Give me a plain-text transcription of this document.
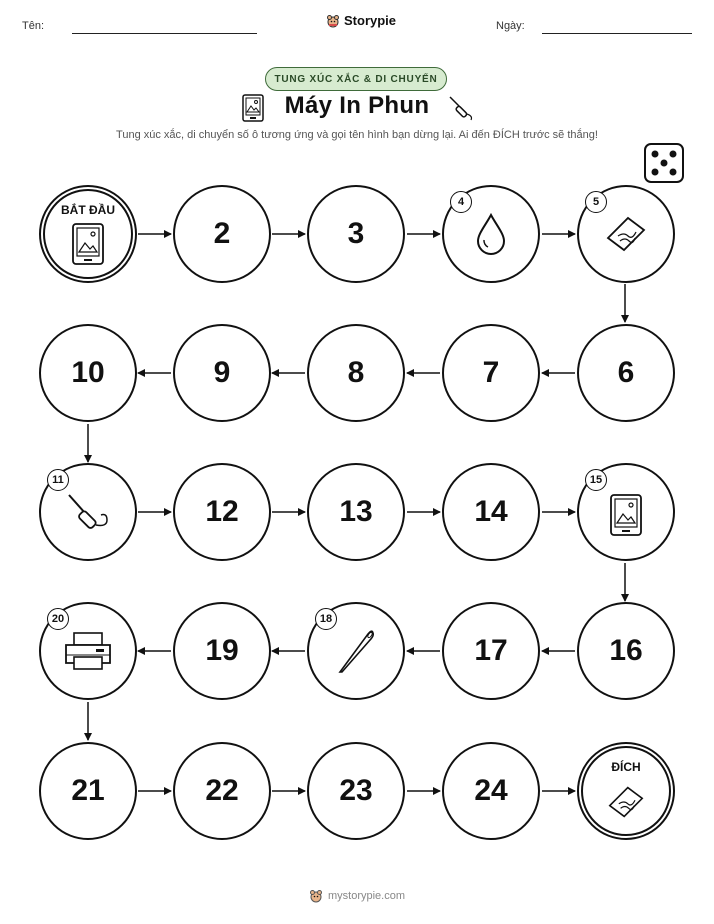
Tên:	Storypie	Ngày:
TUNG XÚC XẮC & DI CHUYỂN
Máy In Phun
Tung xúc xắc, di chuyển số ô tương ứng và gọi tên hình bạn dừng lại. Ai đến ĐÍCH trước sẽ thắng!
BẮT ĐẦU
2	3
4	5
6
7
8
9
10
11
12	13	14
15
16
17
18
19
20
21	22	23	24
ĐÍCH
mystorypie.com
